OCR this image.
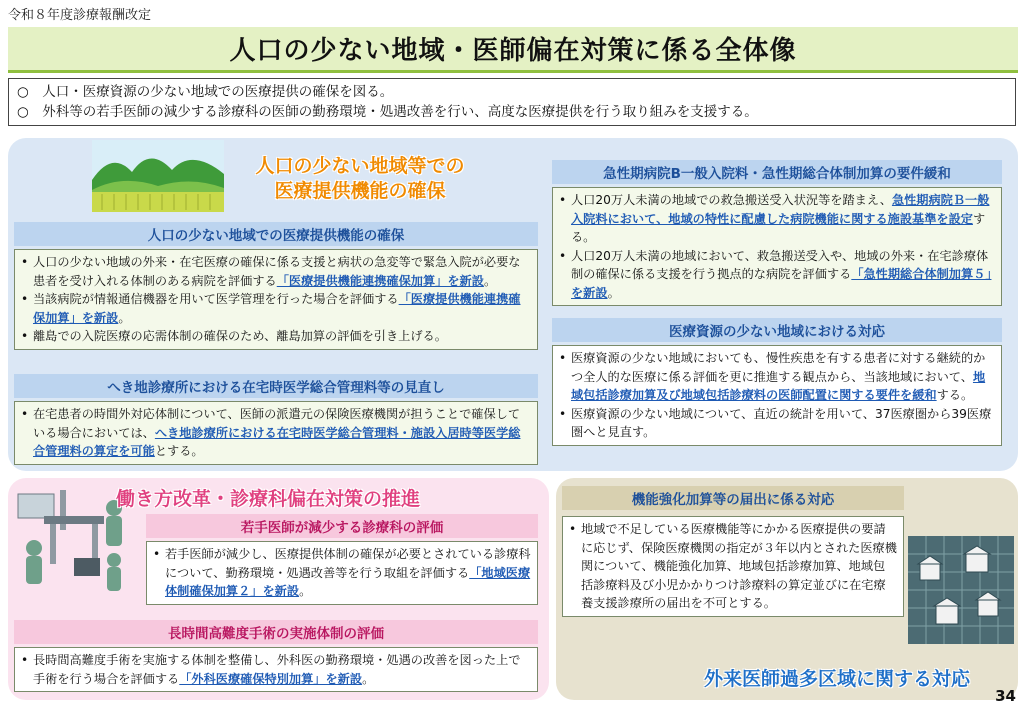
令和８年度診療報酬改定
人口の少ない地域・医師偏在対策に係る全体像
○　人口・医療資源の少ない地域での医療提供の確保を図る。
○　外科等の若手医師の減少する診療科の医師の勤務環境・処遇改善を行い、高度な医療提供を行う取り組みを支援する。
人口の少ない地域等での
医療提供機能の確保
人口の少ない地域での医療提供機能の確保
• 人口の少ない地域の外来・在宅医療の確保に係る支援と病状の急変等で緊急入院が必要な患者を受け入れる体制のある病院を評価する「医療提供機能連携確保加算」を新設。
• 当該病院が情報通信機器を用いて医学管理を行った場合を評価する「医療提供機能連携確保加算」を新設。
• 離島での入院医療の応需体制の確保のため、離島加算の評価を引き上げる。
へき地診療所における在宅時医学総合管理料等の見直し
• 在宅患者の時間外対応体制について、医師の派遣元の保険医療機関が担うことで確保している場合においては、へき地診療所における在宅時医学総合管理料・施設入居時等医学総合管理料の算定を可能とする。
急性期病院B一般入院料・急性期総合体制加算の要件緩和
• 人口20万人未満の地域での救急搬送受入状況等を踏まえ、急性期病院Ｂ一般入院料において、地域の特性に配慮した病院機能に関する施設基準を設定する。
• 人口20万人未満の地域において、救急搬送受入や、地域の外来・在宅診療体制の確保に係る支援を行う拠点的な病院を評価する「急性期総合体制加算５」を新設。
医療資源の少ない地域における対応
• 医療資源の少ない地域においても、慢性疾患を有する患者に対する継続的かつ全人的な医療に係る評価を更に推進する観点から、当該地域において、地域包括診療加算及び地域包括診療料の医師配置に関する要件を緩和する。
• 医療資源の少ない地域について、直近の統計を用いて、37医療圏から39医療圏へと見直す。
働き方改革・診療科偏在対策の推進
若手医師が減少する診療科の評価
• 若手医師が減少し、医療提供体制の確保が必要とされている診療科について、勤務環境・処遇改善等を行う取組を評価する「地域医療体制確保加算２」を新設。
長時間高難度手術の実施体制の評価
• 長時間高難度手術を実施する体制を整備し、外科医の勤務環境・処遇の改善を図った上で手術を行う場合を評価する「外科医療確保特別加算」を新設。
機能強化加算等の届出に係る対応
• 地域で不足している医療機能等にかかる医療提供の要請に応じず、保険医療機関の指定が３年以内とされた医療機関について、機能強化加算、地域包括診療加算、地域包括診療料及び小児かかりつけ診療料の算定並びに在宅療養支援診療所の届出を不可とする。
外来医師過多区域に関する対応
34
